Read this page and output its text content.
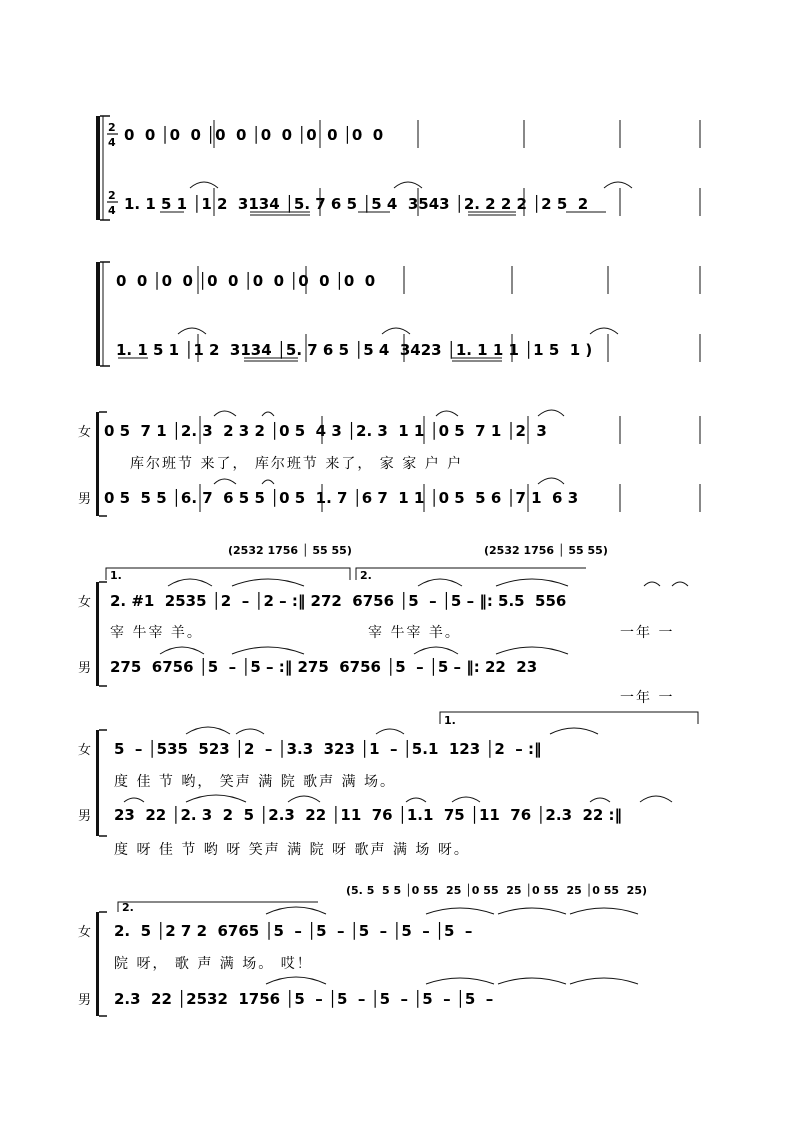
2
4
2
4
0  0 │0  0 │0  0 │0  0 │0  0 │0  0
1. 1 5 1 │1 2  3134 │5. 7 6 5 │5 4  3543 │2. 2 2 2 │2 5  2
0  0 │0  0 │0  0 │0  0 │0  0 │0  0
1. 1 5 1 │1 2  3134 │5. 7 6 5 │5 4  3423 │1. 1 1 1 │1 5  1 )
女
男
0 5  7 1 │2. 3  2 3 2 │0 5  4 3 │2. 3  1 1 │0 5  7 1 │2  3
库尔班节 来了， 库尔班节 来了， 家 家 户 户
0 5  5 5 │6. 7  6 5 5 │0 5  1. 7 │6 7  1 1 │0 5  5 6 │7 1  6 3
(2532 1756 │ 55 55)	(2532 1756 │ 55 55)
1.	2.
女
男
2. #1  2535 │2  – │2 – :‖ 272  6756 │5  – │5 – ‖: 5.5  556
宰 牛宰 羊。	宰 牛宰 羊。	一年 一
275  6756 │5  – │5 – :‖ 275  6756 │5  – │5 – ‖: 22  23
一年 一
1.
女
男
5  – │535  523 │2  – │3.3  323 │1  – │5.1  123 │2  – :‖
度 佳 节 哟， 笑声 满 院 歌声 满 场。
23  22 │2. 3  2  5 │2.3  22 │11  76 │1.1  75 │11  76 │2.3  22 :‖
度 呀 佳 节 哟 呀 笑声 满 院 呀 歌声 满 场 呀。
(5. 5  5 5 │0 55  25 │0 55  25 │0 55  25 │0 55  25)
2.
女
男
2.  5 │2 7 2  6765 │5  – │5  – │5  – │5  – │5  –
院 呀， 歌 声 满 场。 哎！
2.3  22 │2532  1756 │5  – │5  – │5  – │5  – │5  –
